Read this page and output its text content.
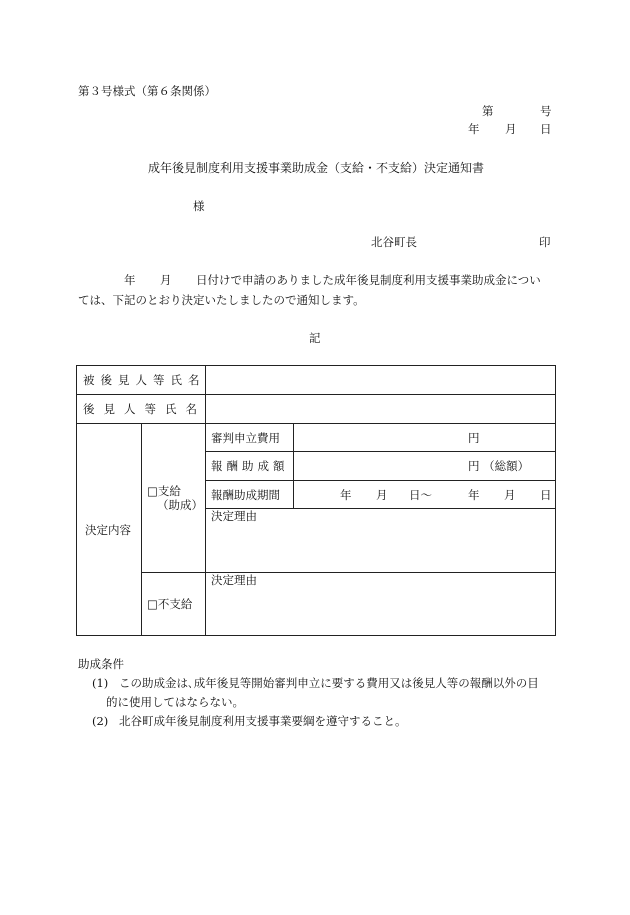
第３号様式（第６条関係）
第	号
年 月 日
成年後見制度利用支援事業助成金（支給・不支給）決定通知書
様
北谷町長	印
年 月 日付けで申請のありました成年後見制度利用支援事業助成金につい
ては、下記のとおり決定いたしましたので通知します。
記
被後見人等氏名
後見人等氏名
決定内容
□支給
（助成）
審判申立費用	円
報酬助成額	円 （総額）
報酬助成期間	年 月 日～	年 月 日
決定理由
□不支給
決定理由
助成条件
(1) この助成金は､成年後見等開始審判申立に要する費用又は後見人等の報酬以外の目
的に使用してはならない。
(2) 北谷町成年後見制度利用支援事業要綱を遵守すること。
